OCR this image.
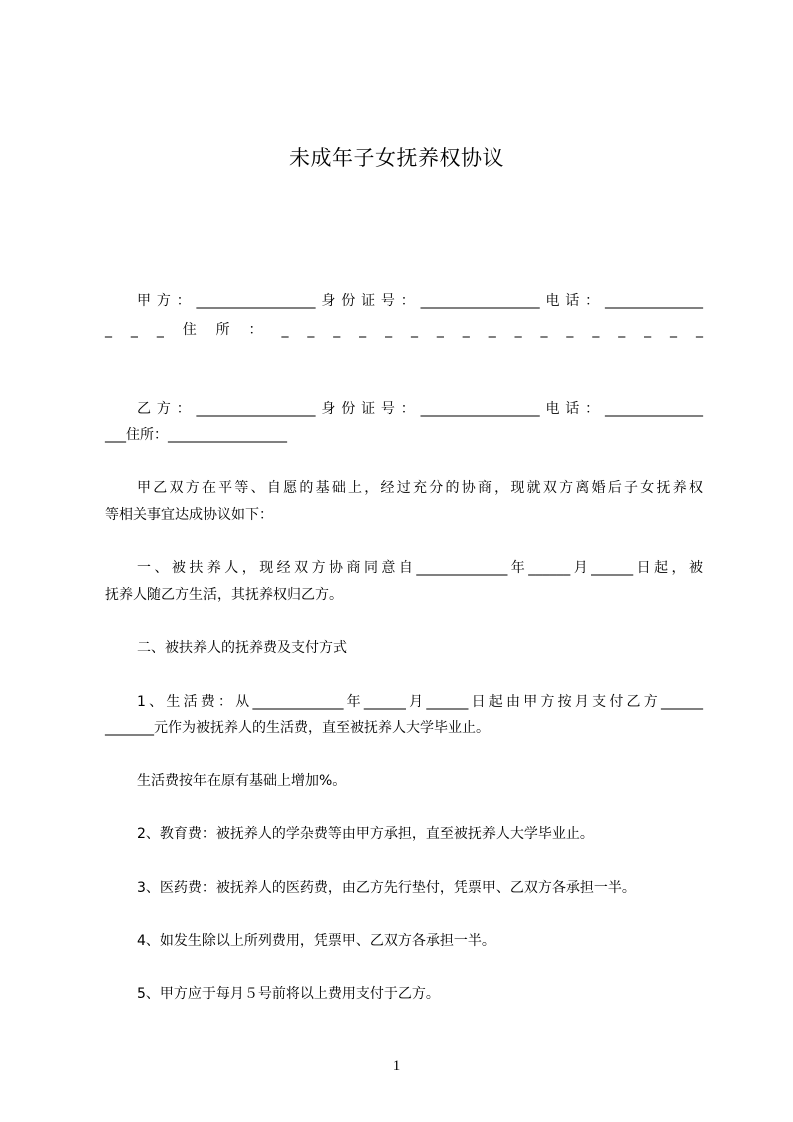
未成年子女抚养权协议
甲方：_________________身份证号：_________________电话：______________
_ _ _ 住 所 ： _ _ _ _ _ _ _ _ _ _ _ _ _ _ _ _ _
乙方：_________________身份证号：_________________电话：______________
___住所：_________________
甲乙双方在平等、自愿的基础上，经过充分的协商，现就双方离婚后子女抚养权
等相关事宜达成协议如下：
一、被扶养人，现经双方协商同意自_____________年______月______日起，被
抚养人随乙方生活，其抚养权归乙方。
二、被扶养人的抚养费及支付方式
1、生活费：从_____________年______月______日起由甲方按月支付乙方______
_______元作为被抚养人的生活费，直至被抚养人大学毕业止。
生活费按年在原有基础上增加%。
2、教育费：被抚养人的学杂费等由甲方承担，直至被抚养人大学毕业止。
3、医药费：被抚养人的医药费，由乙方先行垫付，凭票甲、乙双方各承担一半。
4、如发生除以上所列费用，凭票甲、乙双方各承担一半。
5、甲方应于每月５号前将以上费用支付于乙方。
1
